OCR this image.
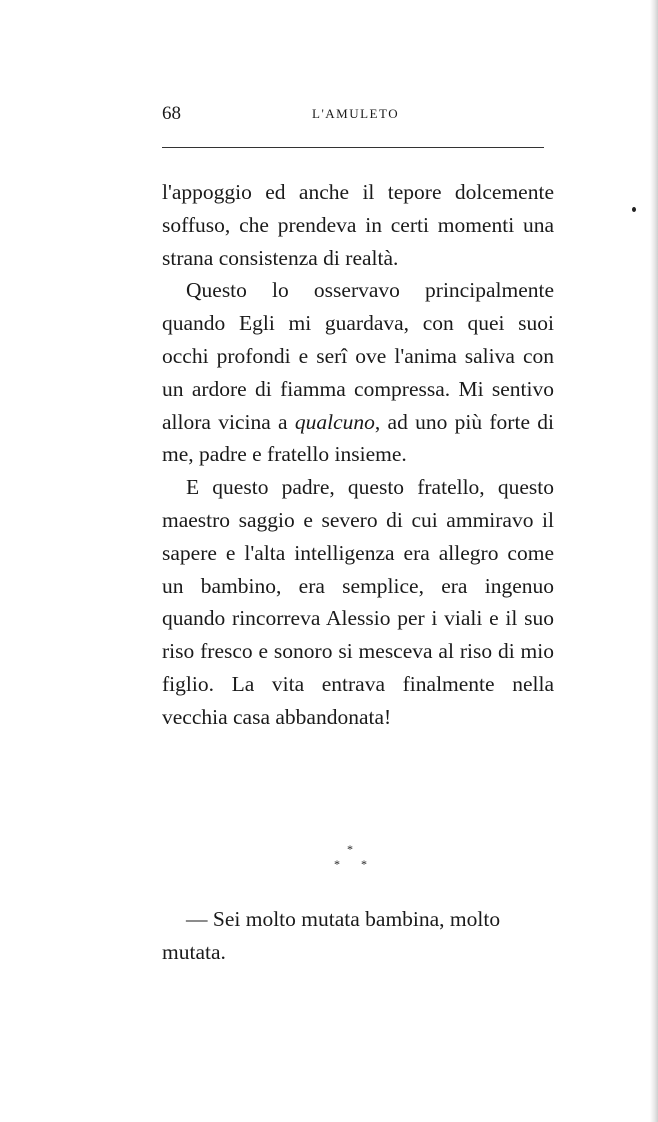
68	L'AMULETO

l'appoggio ed anche il tepore dolcemente soffuso, che prendeva in certi momenti una strana consistenza di realtà.

Questo lo osservavo principalmente quando Egli mi guardava, con quei suoi occhi profondi e serî ove l'anima saliva con un ardore di fiamma compressa. Mi sentivo allora vicina a qualcuno, ad uno più forte di me, padre e fratello insieme.

E questo padre, questo fratello, questo maestro saggio e severo di cui ammiravo il sapere e l'alta intelligenza era allegro come un bambino, era semplice, era ingenuo quando rincorreva Alessio per i viali e il suo riso fresco e sonoro si mesceva al riso di mio figlio. La vita entrava finalmente nella vecchia casa abbandonata!

*
* *

— Sei molto mutata bambina, molto mutata.
